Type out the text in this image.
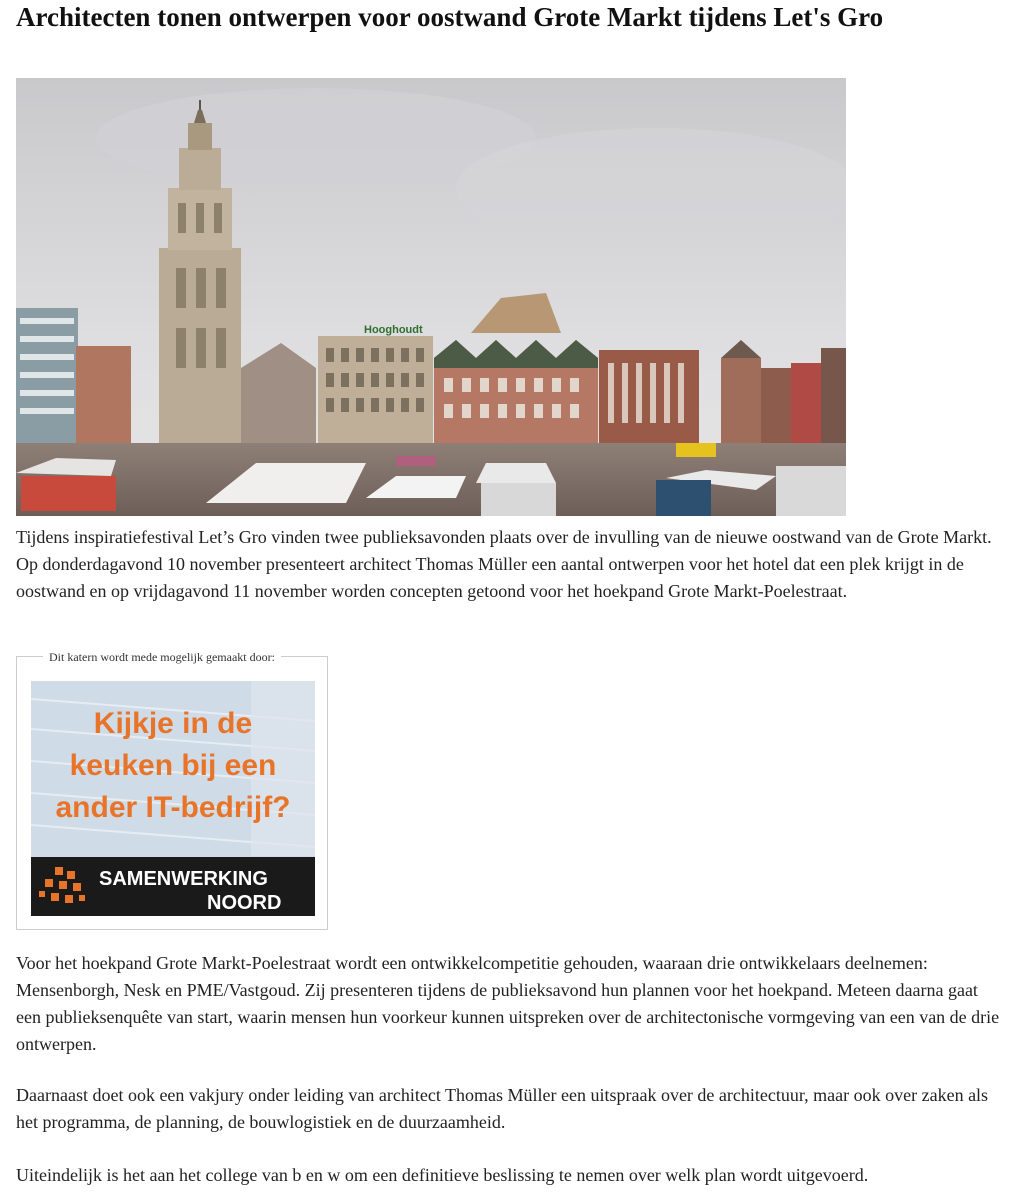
Architecten tonen ontwerpen voor oostwand Grote Markt tijdens Let's Gro
Hooghoudt

Tijdens inspiratiefestival Let’s Gro vinden twee publieksavonden plaats over de invulling van de nieuwe oostwand van de Grote Markt. Op donderdagavond 10 november presenteert architect Thomas Müller een aantal ontwerpen voor het hotel dat een plek krijgt in de oostwand en op vrijdagavond 11 november worden concepten getoond voor het hoekpand Grote Markt-Poelestraat.

Dit katern wordt mede mogelijk gemaakt door:
Kijkje in de
keuken bij een
ander IT-bedrijf?
SAMENWERKING
NOORD

Voor het hoekpand Grote Markt-Poelestraat wordt een ontwikkelcompetitie gehouden, waaraan drie ontwikkelaars deelnemen: Mensenborgh, Nesk en PME/Vastgoud. Zij presenteren tijdens de publieksavond hun plannen voor het hoekpand. Meteen daarna gaat een publieksenquête van start, waarin mensen hun voorkeur kunnen uitspreken over de architectonische vormgeving van een van de drie ontwerpen.

Daarnaast doet ook een vakjury onder leiding van architect Thomas Müller een uitspraak over de architectuur, maar ook over zaken als het programma, de planning, de bouwlogistiek en de duurzaamheid.

Uiteindelijk is het aan het college van b en w om een definitieve beslissing te nemen over welk plan wordt uitgevoerd.
